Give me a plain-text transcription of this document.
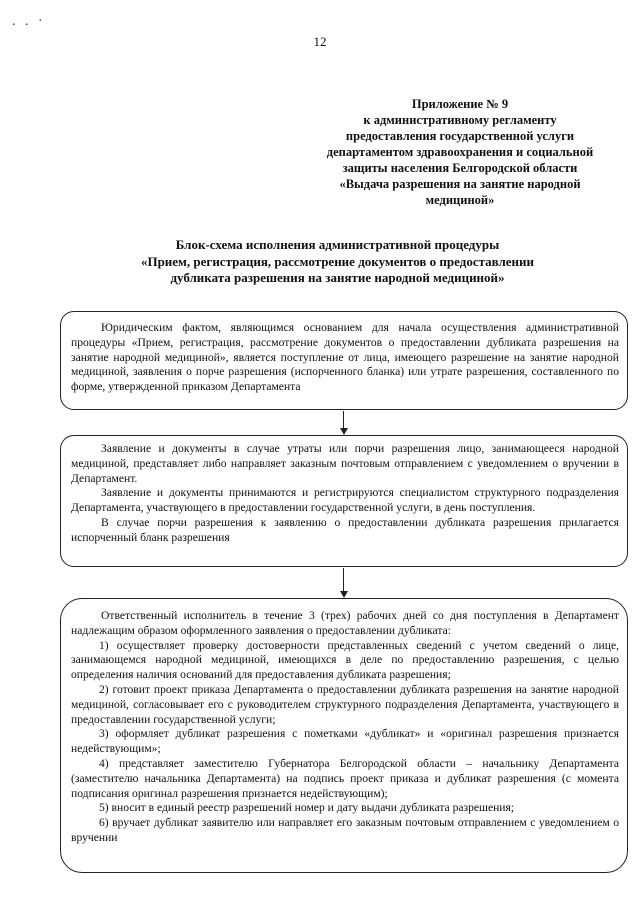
. . ·
12
Приложение № 9
к административному регламенту
предоставления государственной услуги
департаментом здравоохранения и социальной
защиты населения Белгородской области
«Выдача разрешения на занятие народной
медициной»
Блок-схема исполнения административной процедуры
«Прием, регистрация, рассмотрение документов о предоставлении
дубликата разрешения на занятие народной медициной»

Юридическим фактом, являющимся основанием для начала осуществления административной процедуры «Прием, регистрация, рассмотрение документов о предоставлении дубликата разрешения на занятие народной медициной», является поступление от лица, имеющего разрешение на занятие народной медициной, заявления о порче разрешения (испорченного бланка) или утрате разрешения, составленного по форме, утвержденной приказом Департамента

Заявление и документы в случае утраты или порчи разрешения лицо, занимающееся народной медициной, представляет либо направляет заказным почтовым отправлением с уведомлением о вручении в Департамент.

Заявление и документы принимаются и регистрируются специалистом структурного подразделения Департамента, участвующего в предоставлении государственной услуги, в день поступления.

В случае порчи разрешения к заявлению о предоставлении дубликата разрешения прилагается испорченный бланк разрешения

Ответственный исполнитель в течение 3 (трех) рабочих дней со дня поступления в Департамент надлежащим образом оформленного заявления о предоставлении дубликата:

1) осуществляет проверку достоверности представленных сведений с учетом сведений о лице, занимающемся народной медициной, имеющихся в деле по предоставлению разрешения, с целью определения наличия оснований для предоставления дубликата разрешения;

2) готовит проект приказа Департамента о предоставлении дубликата разрешения на занятие народной медициной, согласовывает его с руководителем структурного подразделения Департамента, участвующего в предоставлении государственной услуги;

3) оформляет дубликат разрешения с пометками «дубликат» и «оригинал разрешения признается недействующим»;

4) представляет заместителю Губернатора Белгородской области – начальнику Департамента (заместителю начальника Департамента) на подпись проект приказа и дубликат разрешения (с момента подписания оригинал разрешения признается недействующим);

5) вносит в единый реестр разрешений номер и дату выдачи дубликата разрешения;

6) вручает дубликат заявителю или направляет его заказным почтовым отправлением с уведомлением о вручении
